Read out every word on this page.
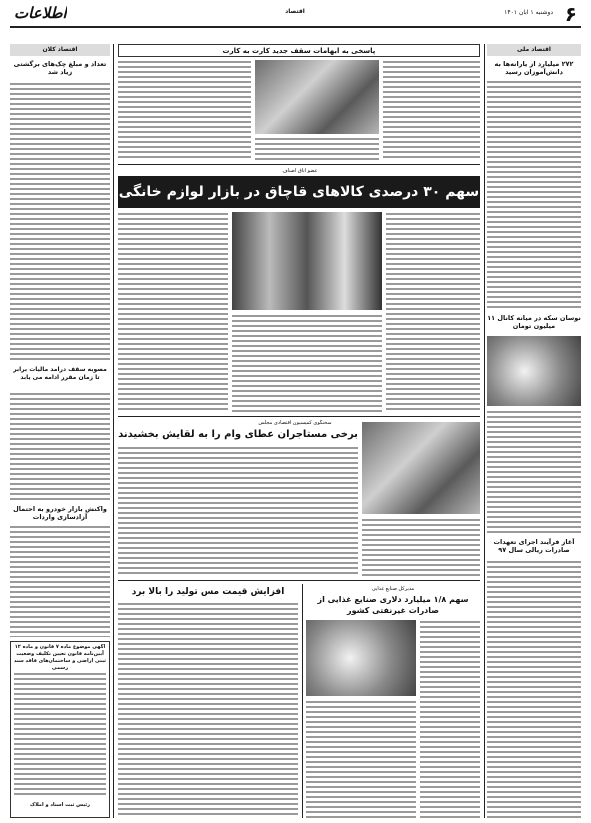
۶
دوشنبه ۱ آبان ۱۴۰۱
اقتصاد
اطلاعات
اقتصاد ملی
۲۷۲ میلیارد از یارانه‌ها به دانش‌آموزان رسید
نوسان سکه در میانه کانال ۱۱ میلیون تومان
آغاز فرآیند اجرای تعهدات صادرات ریالی سال ۹۷
اقتصاد کلان
تعداد و مبلغ چک‌های برگشتی زیاد شد
مصوبه سقف درآمد مالیات برابر تا زمان مقرر ادامه می یابد
واکنش بازار خودرو به احتمال آزادسازی واردات
آگهی موضوع ماده ۷ قانون و ماده ۱۲ آیین‌نامه قانون تعیین تکلیف وضعیت ثبتی اراضی و ساختمان‌های فاقد سند رسمی
رئیس ثبت اسناد و املاک
پاسخی به ابهامات سقف جدید کارت به کارت
عضو اتاق اصناف
سهم ۳۰ درصدی کالاهای قاچاق در بازار لوازم خانگی
سخنگوی کمیسیون اقتصادی مجلس
برخی مستاجران عطای وام را به لقایش بخشیدند
افزایش قیمت مس تولید را بالا برد	مدیرکل صنایع غذایی
سهم ۱/۸ میلیارد دلاری صنایع غذایی از صادرات غیرنفتی کشور
